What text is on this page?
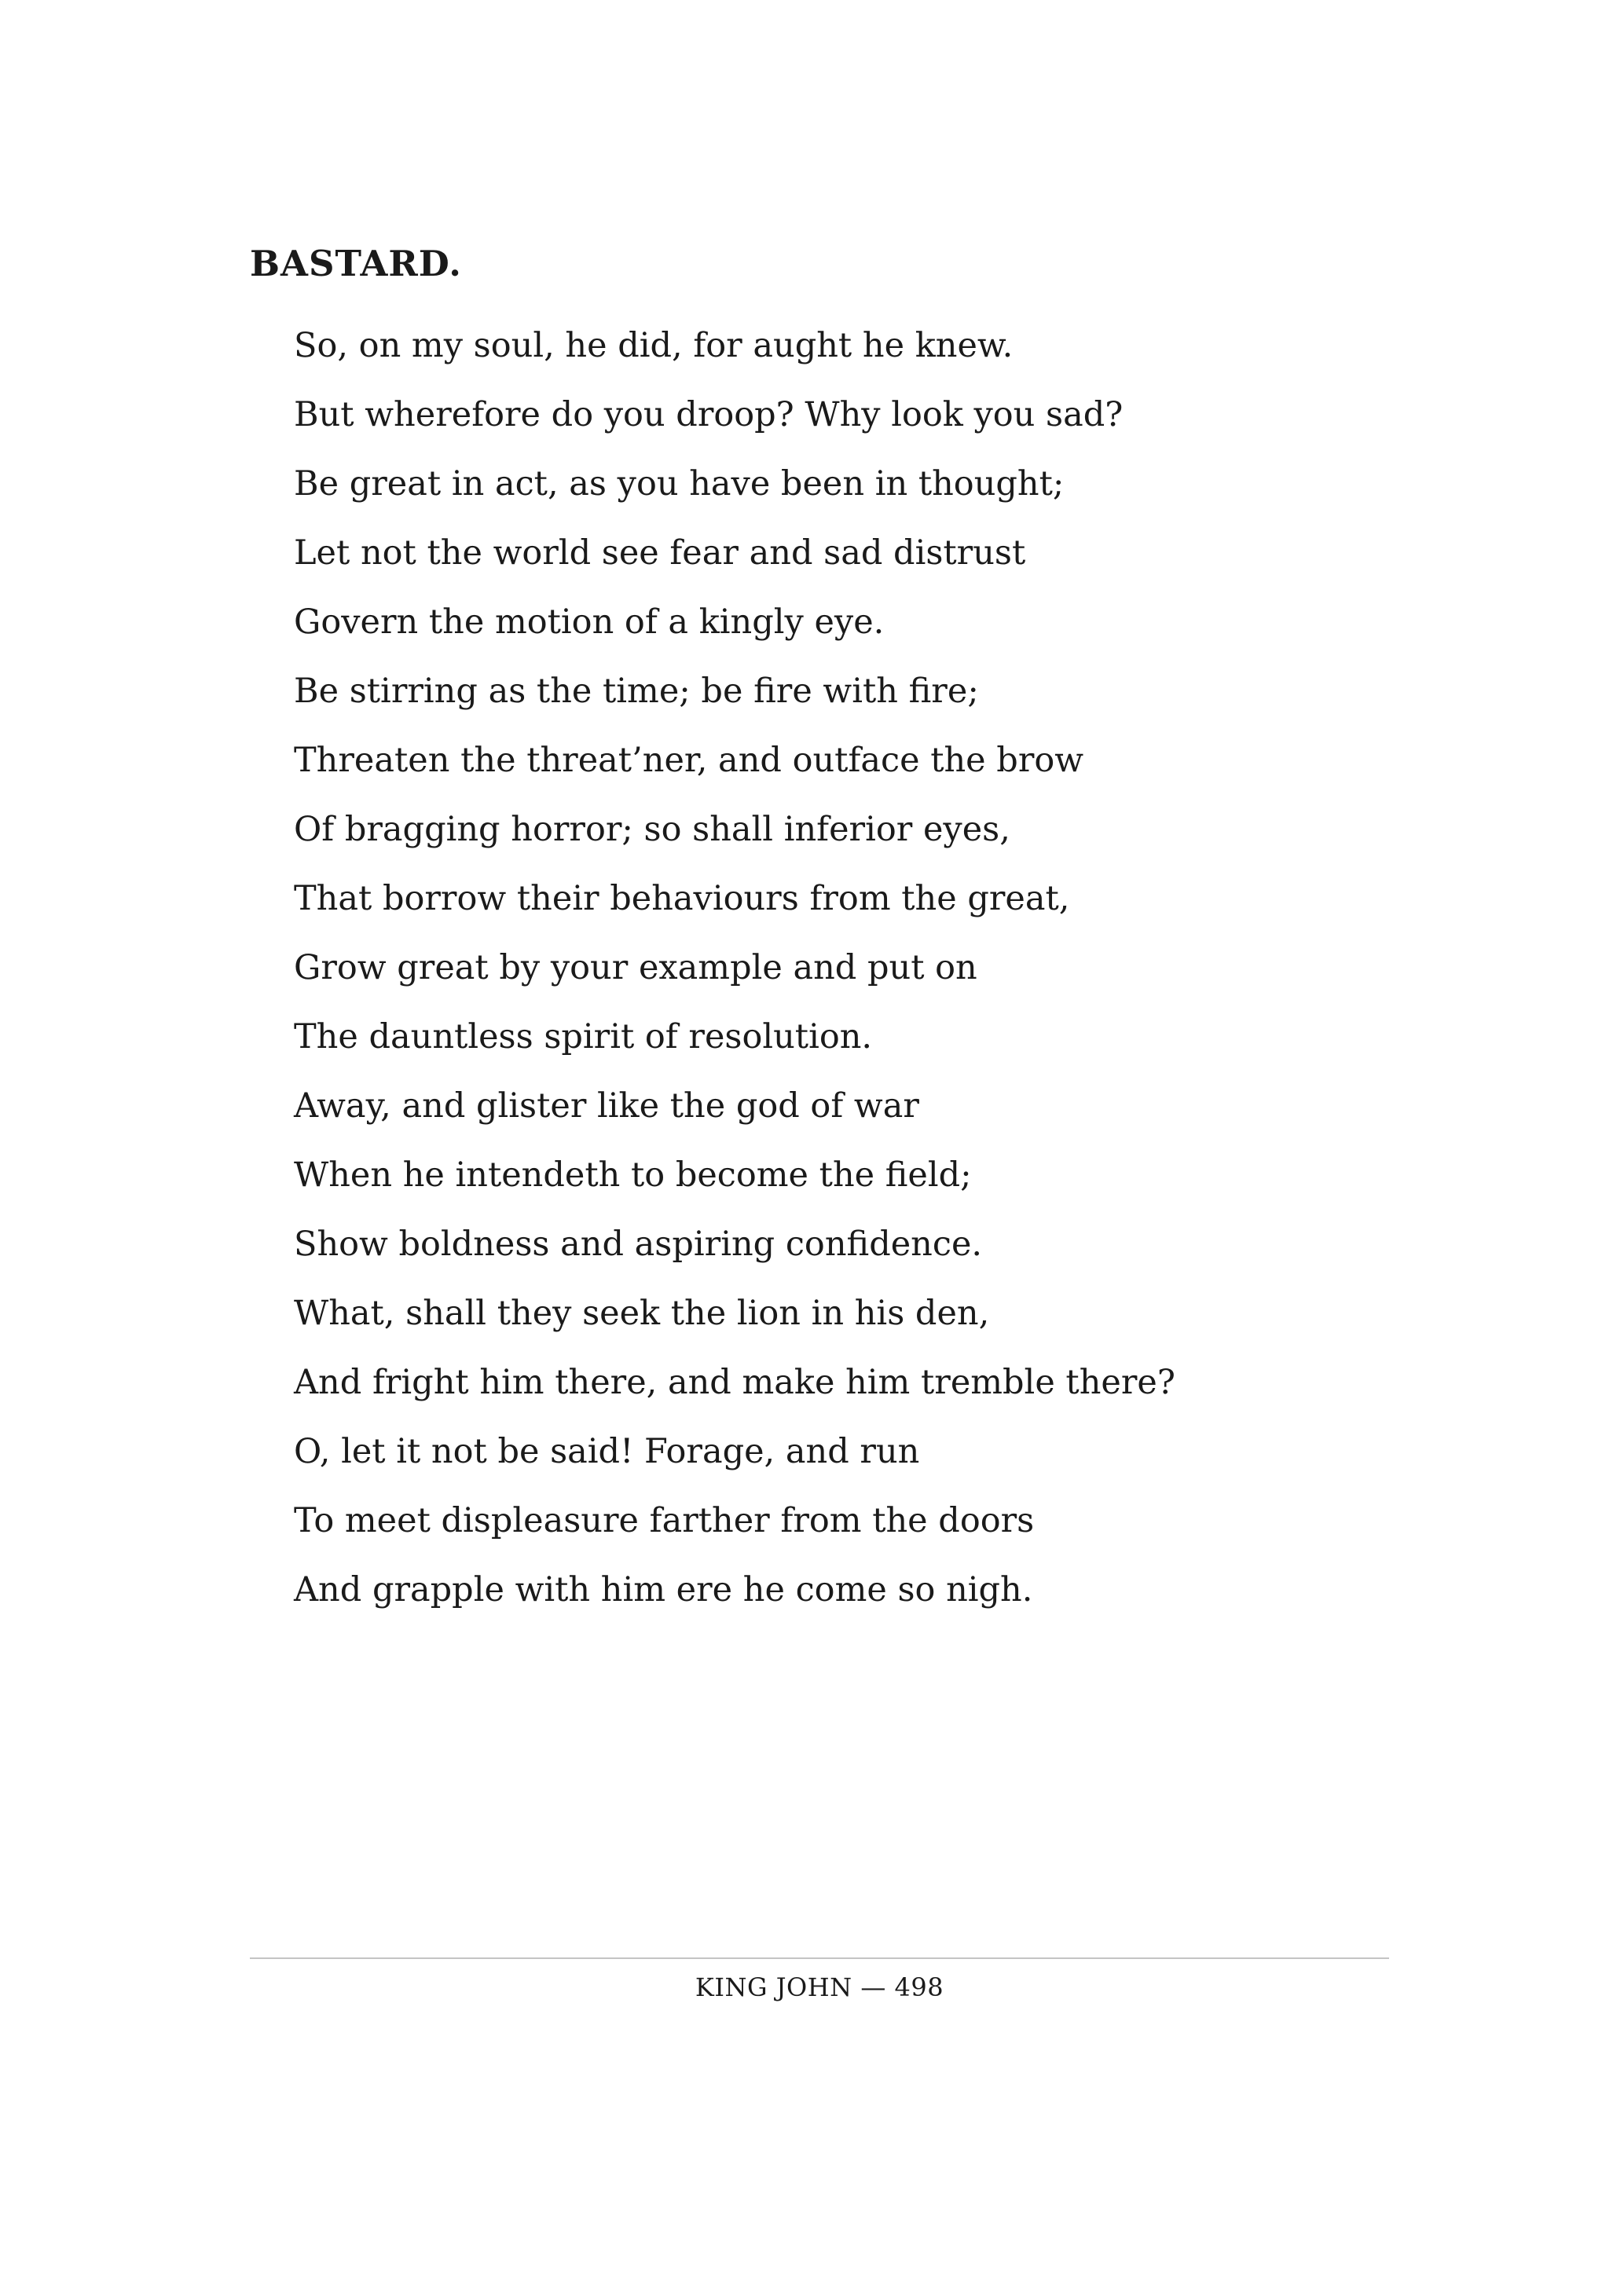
BASTARD.
So, on my soul, he did, for aught he knew.
But wherefore do you droop? Why look you sad?
Be great in act, as you have been in thought;
Let not the world see fear and sad distrust
Govern the motion of a kingly eye.
Be stirring as the time; be fire with fire;
Threaten the threat’ner, and outface the brow
Of bragging horror; so shall inferior eyes,
That borrow their behaviours from the great,
Grow great by your example and put on
The dauntless spirit of resolution.
Away, and glister like the god of war
When he intendeth to become the field;
Show boldness and aspiring confidence.
What, shall they seek the lion in his den,
And fright him there, and make him tremble there?
O, let it not be said! Forage, and run
To meet displeasure farther from the doors
And grapple with him ere he come so nigh.
KING JOHN — 498
